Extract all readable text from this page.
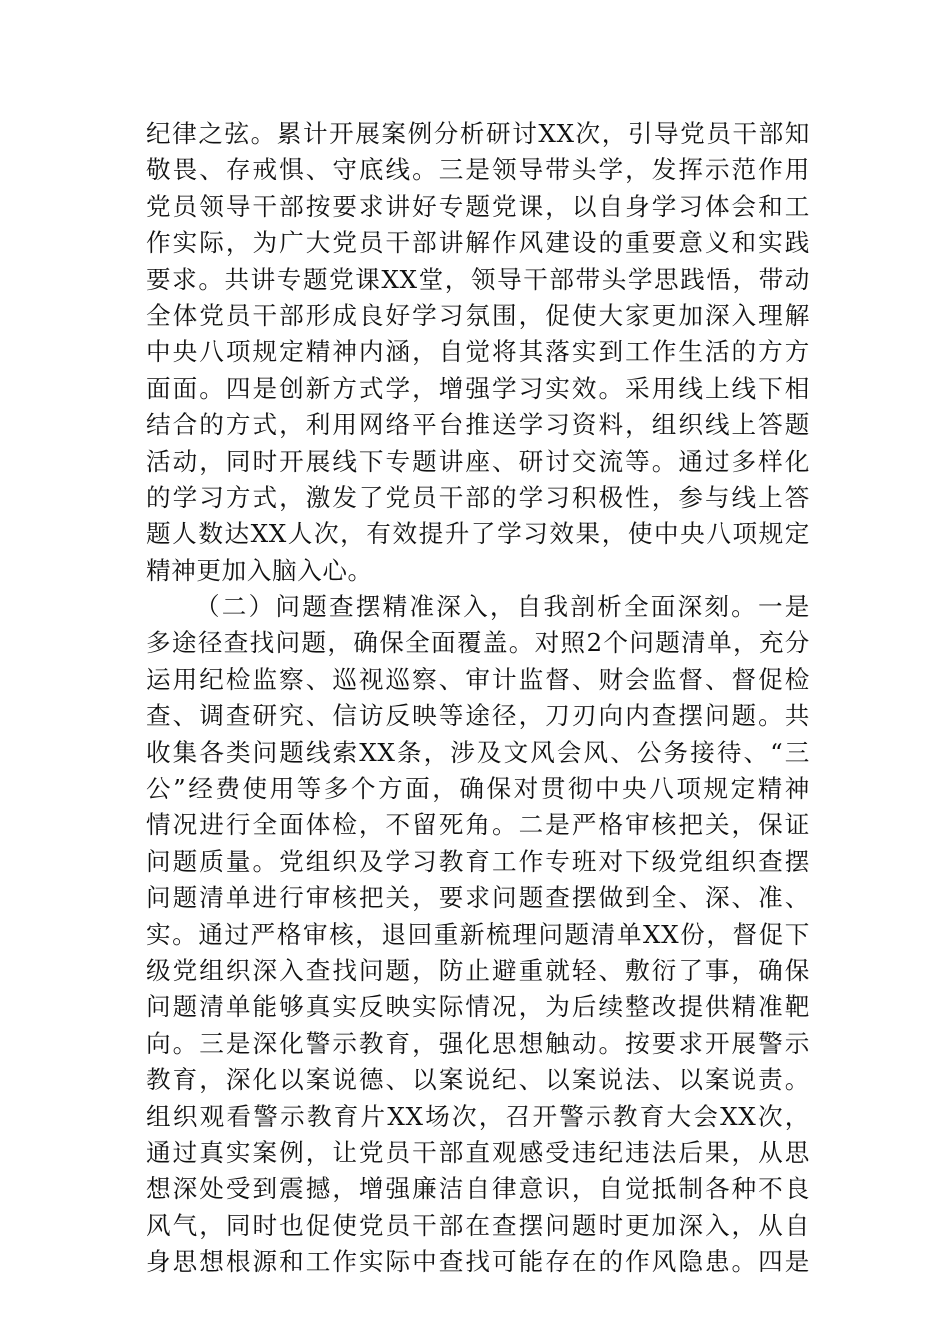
纪律之弦。累计开展案例分析研讨XX次，引导党员干部知
敬畏、存戒惧、守底线。三是领导带头学，发挥示范作用
党员领导干部按要求讲好专题党课，以自身学习体会和工
作实际，为广大党员干部讲解作风建设的重要意义和实践
要求。共讲专题党课XX堂，领导干部带头学思践悟，带动
全体党员干部形成良好学习氛围，促使大家更加深入理解
中央八项规定精神内涵，自觉将其落实到工作生活的方方
面面。四是创新方式学，增强学习实效。采用线上线下相
结合的方式，利用网络平台推送学习资料，组织线上答题
活动，同时开展线下专题讲座、研讨交流等。通过多样化
的学习方式，激发了党员干部的学习积极性，参与线上答
题人数达XX人次，有效提升了学习效果，使中央八项规定
精神更加入脑入心。
（二）问题查摆精准深入，自我剖析全面深刻。一是
多途径查找问题，确保全面覆盖。对照2个问题清单，充分
运用纪检监察、巡视巡察、审计监督、财会监督、督促检
查、调查研究、信访反映等途径，刀刃向内查摆问题。共
收集各类问题线索XX条，涉及文风会风、公务接待、“三
公”经费使用等多个方面，确保对贯彻中央八项规定精神
情况进行全面体检，不留死角。二是严格审核把关，保证
问题质量。党组织及学习教育工作专班对下级党组织查摆
问题清单进行审核把关，要求问题查摆做到全、深、准、
实。通过严格审核，退回重新梳理问题清单XX份，督促下
级党组织深入查找问题，防止避重就轻、敷衍了事，确保
问题清单能够真实反映实际情况，为后续整改提供精准靶
向。三是深化警示教育，强化思想触动。按要求开展警示
教育，深化以案说德、以案说纪、以案说法、以案说责。
组织观看警示教育片XX场次，召开警示教育大会XX次，
通过真实案例，让党员干部直观感受违纪违法后果，从思
想深处受到震撼，增强廉洁自律意识，自觉抵制各种不良
风气，同时也促使党员干部在查摆问题时更加深入，从自
身思想根源和工作实际中查找可能存在的作风隐患。四是
